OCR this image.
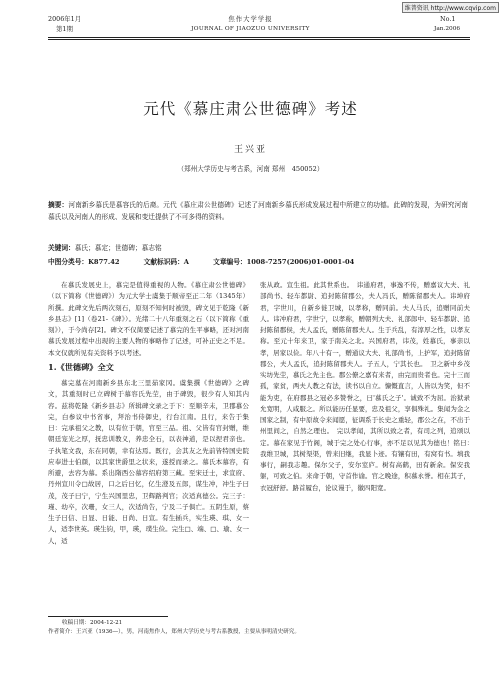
维普资讯 http://www.cqvip.com
2006年1月
第1期
焦作大学学报
JOURNAL OF JIAOZUO UNIVERSITY
No.1
Jan.2006
元代《慕庄肃公世德碑》考述
王兴亚
（郑州大学历史与考古系，河南 郑州　450052）
摘要：河南新乡慕氏是慕容氏的后裔。元代《慕庄肃公世德碑》记述了河南新乡慕氏形成发展过程中所建立的功德。此碑的发现，为研究河南慕氏以及河南人的形成、发展和变迁提供了不可多得的资料。
关键词：慕氏；慕定；世德碑；慕志铭
中图分类号：K877.42	文献标识码：A	文章编号：1008-7257(2006)01-0001-04
在慕氏发展史上，慕完是值得重视的人物。《慕庄肃公世德碑》（以下简称《世德碑》）为元大学士虞集于顺帝至正二年（1345年）所撰。此碑文先后两次刻石，原刻不知何时被毁，碑文见于乾隆《新乡县志》[1]（卷21-《碑》）。光绪二十八年重刻之石（以下简称《重刻》），于今尚存[2]。碑文不仅简要记述了慕完的生平事略，还对河南慕氏发展过程中出现的主要人物的事略作了记述，可补正史之不足。本文仅就所见有关资料予以考述。
1.《世德碑》全文
慕完墓在河南新乡县东北三里茹家冈。虞集撰《世德碑》之碑文，其重刻时已立碑树于慕容氏先茔，由于碑毁，很少有人知其内容。兹将乾隆《新乡县志》所辑碑文录之于下：至顺辛未，卫郡慕公完，白参议中书省事，拜治书侍御史，行台江南。且行，来告于集曰：完承祖父之教，以有位于朝，官至三品。祖、父皆有官封赠，维朝廷宠光之厚，抚忠训教义，养忠全石，以表神道，是以捏君亲也。子执笔文我，东在同朝，幸有达焉。既行，会其友之先前皆特国史院应奉进士伯颜，以其家世爵里之状来，遂授而录之。慕氏本慕容，有所避，去容为慕。系出隋西公慕容绍府第三藏。至宋迁士，求宣府、丹州宣川令□故居，口之后曰忆，亿生澄及五郎，谋生冲，冲生子曰茂，茂子曰宁，宁生兴国里忠，卫辉路判官；次适真德公。完三子：瑾、幼卒，次珊，女三人，次适尚告，宁及二子俱亡。五阴生原，蔡生子曰信、日显、日能、日尚、日宣。有生插兵，实生瑛、琪、女一人，适李世英。瑛生钧，甲，瑛，璞生俭。完生□、端、□、瑜、女一人，适
张从政。宣生祖。此其世系也。　讳通府君，事逸不传，赠嘉议大夫、礼部尚书、轻车都尉、追封陈留郡公，夫人冯氏，赠陈留郡夫人。讳坤府君，字世川，自新乡徙卫城，以孝称，赠同前。夫人马氏，追赠同前夫人。讳冲府君，字世宁，以孝称，赠朝列大夫、礼部郎中、轻车都尉、追封陈留郡侯，夫人孟氏，赠陈留郡夫人。生于兵乱，有淳厚之性，以孝友称。至元十年来卫，家于南关之北。兴国府君，讳茂，姓慕氏，事亲以孝，居家以俭。年八十有一，赠通议大夫、礼部尚书，上护军，追封陈留郡公，夫人孟氏，追封陈留郡夫人。子五人，宁其长也。　卫之新中乡茂实坊先茔，慕氏之先主也。郡公僚之嘉有来者，由完而贵者也。完十三而孤，家贫，两夫人教之有法，读书以自立。慷慨直言，人皆以为笑，但不能为吏，在府郡县之冠必多赞誉之，曰'慕氏之子'。诚致不为屈。治狱录允宽明，人咸服之。所以能历任显要，忠及祖父，享俱殊礼。集闻为金之国家之制，有中原故令来闻愿，征调系于长史之重轻，郡公之在，不出于州里间之，自然之理也。　完以孝闻，其所以致之者，有司之列，追颂以定。慕在家见于竹阁，城于完之处心行事，亦不足以见其为德也！铭曰：　我维卫城，其树渠渠，曾来旧继，我显卜迹。有镶有田，有窝有书。填我事行，嗣我志趣。保尔父子，安尔室庐。树有高鹤，田有新余。保安我躯，可致之伯。来命于朝，守首作谕。官之晚途，积慕永誉。相在其子，衣冠舒舒。路首履台，论议谩于，徽四阳宽。
收稿日期：2004-12-21
作者简介：王兴亚（1936—），男，河南焦作人，郑州大学历史与考古系教授，主要从事明清史研究。
